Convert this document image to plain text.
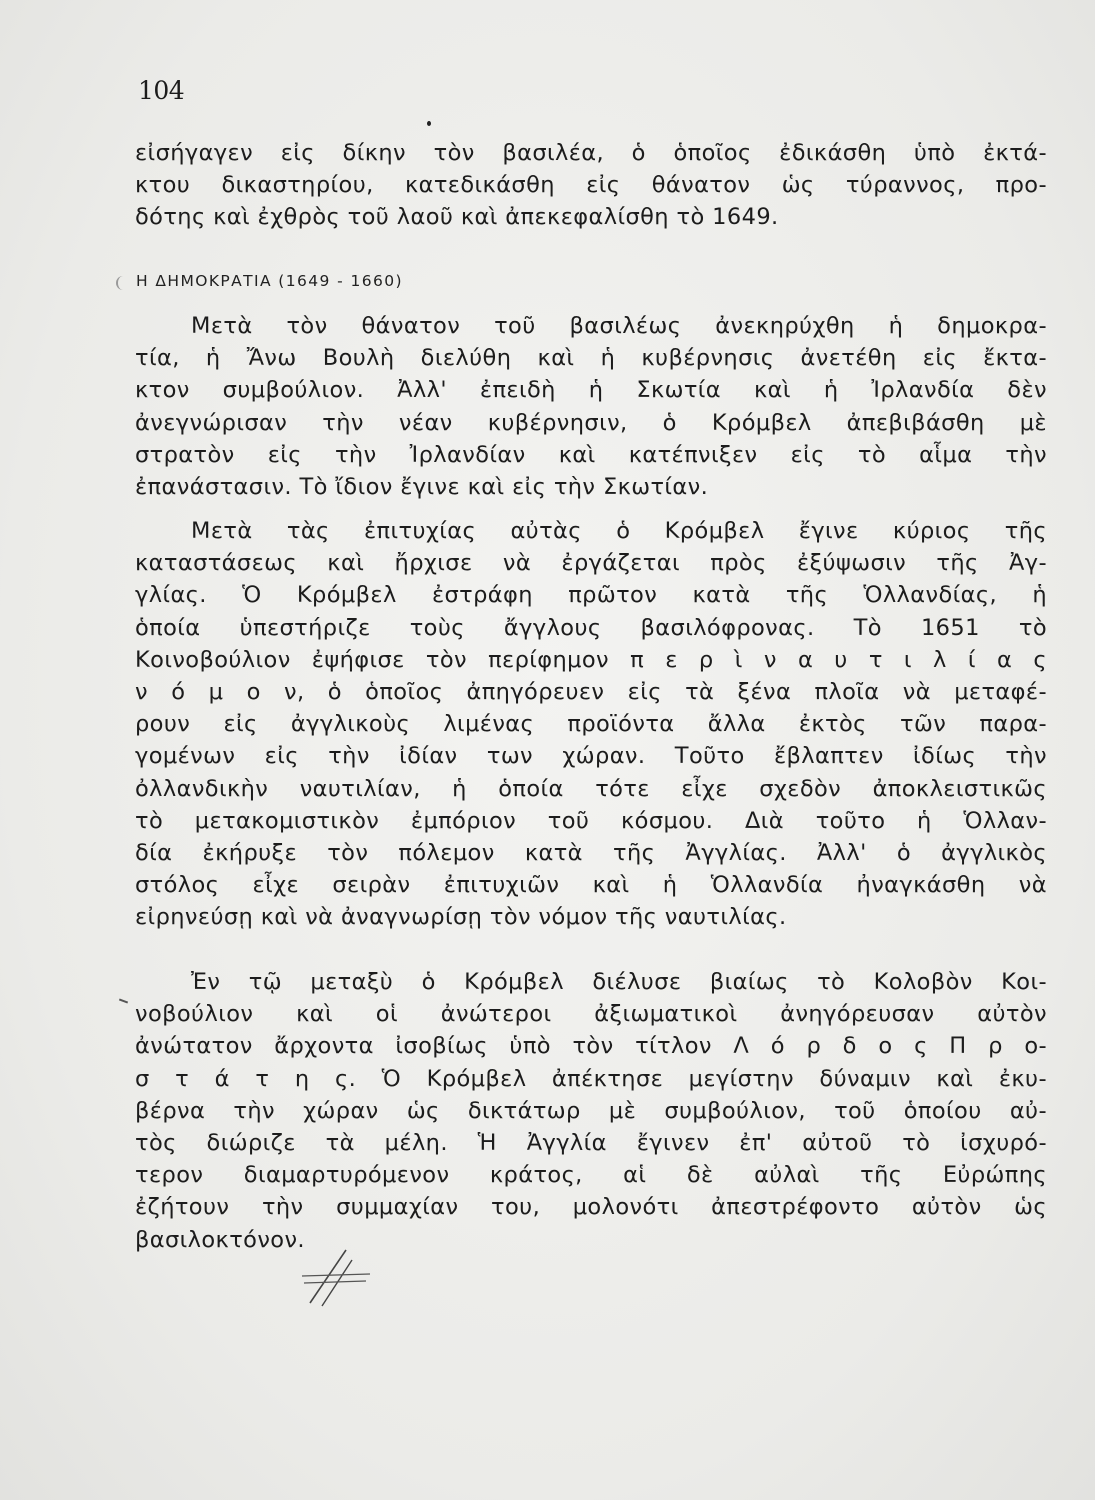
104

εἰσήγαγεν εἰς δίκην τὸν βασιλέα, ὁ ὁποῖος ἐδικάσθη ὑπὸ ἐκτά-
κτου δικαστηρίου, κατεδικάσθη εἰς θάνατον ὡς τύραννος, προ-
δότης καὶ ἐχθρὸς τοῦ λαοῦ καὶ ἀπεκεφαλίσθη τὸ 1649.

Η ΔΗΜΟΚΡΑΤΙΑ (1649 - 1660)

Μετὰ τὸν θάνατον τοῦ βασιλέως ἀνεκηρύχθη ἡ δημοκρα-
τία, ἡ Ἄνω Βουλὴ διελύθη καὶ ἡ κυβέρνησις ἀνετέθη εἰς ἔκτα-
κτον συμβούλιον. Ἀλλ' ἐπειδὴ ἡ Σκωτία καὶ ἡ Ἰρλανδία δὲν
ἀνεγνώρισαν τὴν νέαν κυβέρνησιν, ὁ Κρόμβελ ἀπεβιβάσθη μὲ
στρατὸν εἰς τὴν Ἰρλανδίαν καὶ κατέπνιξεν εἰς τὸ αἷμα τὴν
ἐπανάστασιν. Τὸ ἴδιον ἔγινε καὶ εἰς τὴν Σκωτίαν.

Μετὰ τὰς ἐπιτυχίας αὐτὰς ὁ Κρόμβελ ἔγινε κύριος τῆς
καταστάσεως καὶ ἤρχισε νὰ ἐργάζεται πρὸς ἐξύψωσιν τῆς Ἀγ-
γλίας. Ὁ Κρόμβελ ἐστράφη πρῶτον κατὰ τῆς Ὁλλανδίας, ἡ
ὁποία ὑπεστήριζε τοὺς ἄγγλους βασιλόφρονας. Τὸ 1651 τὸ
Κοινοβούλιον ἐψήφισε τὸν περίφημον π ε ρ ὶ ν α υ τ ι λ ί α ς
ν ό μ ο ν, ὁ ὁποῖος ἀπηγόρευεν εἰς τὰ ξένα πλοῖα νὰ μεταφέ-
ρουν εἰς ἀγγλικοὺς λιμένας προϊόντα ἄλλα ἐκτὸς τῶν παρα-
γομένων εἰς τὴν ἰδίαν των χώραν. Τοῦτο ἔβλαπτεν ἰδίως τὴν
ὀλλανδικὴν ναυτιλίαν, ἡ ὁποία τότε εἶχε σχεδὸν ἀποκλειστικῶς
τὸ μετακομιστικὸν ἐμπόριον τοῦ κόσμου. Διὰ τοῦτο ἡ Ὁλλαν-
δία ἐκήρυξε τὸν πόλεμον κατὰ τῆς Ἀγγλίας. Ἀλλ' ὁ ἀγγλικὸς
στόλος εἶχε σειρὰν ἐπιτυχιῶν καὶ ἡ Ὁλλανδία ἠναγκάσθη νὰ
εἰρηνεύσῃ καὶ νὰ ἀναγνωρίσῃ τὸν νόμον τῆς ναυτιλίας.

Ἐν τῷ μεταξὺ ὁ Κρόμβελ διέλυσε βιαίως τὸ Κολοβὸν Κοι-
νοβούλιον καὶ οἱ ἀνώτεροι ἀξιωματικοὶ ἀνηγόρευσαν αὐτὸν
ἀνώτατον ἄρχοντα ἰσοβίως ὑπὸ τὸν τίτλον Λ ό ρ δ ο ς Π ρ ο-
σ τ ά τ η ς. Ὁ Κρόμβελ ἀπέκτησε μεγίστην δύναμιν καὶ ἐκυ-
βέρνα τὴν χώραν ὡς δικτάτωρ μὲ συμβούλιον, τοῦ ὁποίου αὐ-
τὸς διώριζε τὰ μέλη. Ἡ Ἀγγλία ἔγινεν ἐπ' αὐτοῦ τὸ ἰσχυρό-
τερον διαμαρτυρόμενον κράτος, αἱ δὲ αὐλαὶ τῆς Εὐρώπης
ἐζήτουν τὴν συμμαχίαν του, μολονότι ἀπεστρέφοντο αὐτὸν ὡς
βασιλοκτόνον.
